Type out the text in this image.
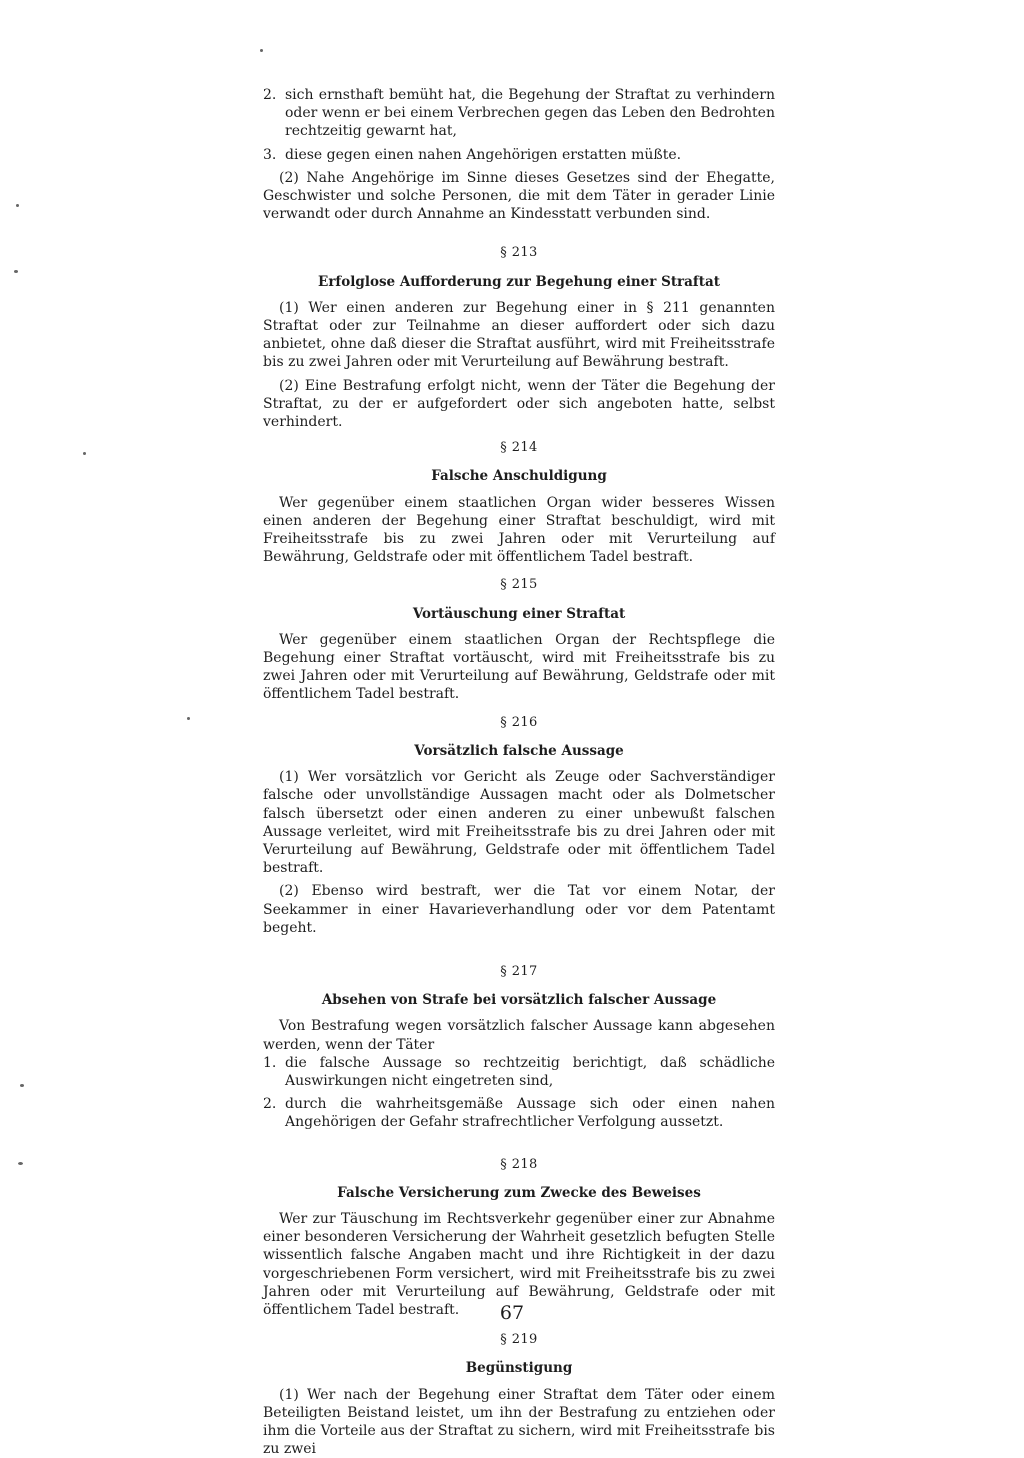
2. sich ernsthaft bemüht hat, die Begehung der Straftat zu verhindern oder wenn er bei einem Verbrechen gegen das Leben den Bedrohten rechtzeitig gewarnt hat,
3. diese gegen einen nahen Angehörigen erstatten müßte.

(2) Nahe Angehörige im Sinne dieses Gesetzes sind der Ehegatte, Geschwister und solche Personen, die mit dem Täter in gerader Linie verwandt oder durch Annahme an Kindesstatt verbunden sind.

§ 213
Erfolglose Aufforderung zur Begehung einer Straftat

(1) Wer einen anderen zur Begehung einer in § 211 genannten Straftat oder zur Teilnahme an dieser auffordert oder sich dazu anbietet, ohne daß dieser die Straftat ausführt, wird mit Freiheitsstrafe bis zu zwei Jahren oder mit Verurteilung auf Bewährung bestraft.

(2) Eine Bestrafung erfolgt nicht, wenn der Täter die Begehung der Straftat, zu der er aufgefordert oder sich angeboten hatte, selbst verhindert.

§ 214
Falsche Anschuldigung

Wer gegenüber einem staatlichen Organ wider besseres Wissen einen anderen der Begehung einer Straftat beschuldigt, wird mit Freiheitsstrafe bis zu zwei Jahren oder mit Verurteilung auf Bewährung, Geldstrafe oder mit öffentlichem Tadel bestraft.

§ 215
Vortäuschung einer Straftat

Wer gegenüber einem staatlichen Organ der Rechtspflege die Begehung einer Straftat vortäuscht, wird mit Freiheitsstrafe bis zu zwei Jahren oder mit Verurteilung auf Bewährung, Geldstrafe oder mit öffentlichem Tadel bestraft.

§ 216
Vorsätzlich falsche Aussage

(1) Wer vorsätzlich vor Gericht als Zeuge oder Sachverständiger falsche oder unvollständige Aussagen macht oder als Dolmetscher falsch übersetzt oder einen anderen zu einer unbewußt falschen Aussage verleitet, wird mit Freiheitsstrafe bis zu drei Jahren oder mit Verurteilung auf Bewährung, Geldstrafe oder mit öffentlichem Tadel bestraft.

(2) Ebenso wird bestraft, wer die Tat vor einem Notar, der Seekammer in einer Havarieverhandlung oder vor dem Patentamt begeht.

§ 217
Absehen von Strafe bei vorsätzlich falscher Aussage

Von Bestrafung wegen vorsätzlich falscher Aussage kann abgesehen werden, wenn der Täter

1. die falsche Aussage so rechtzeitig berichtigt, daß schädliche Auswirkungen nicht eingetreten sind,
2. durch die wahrheitsgemäße Aussage sich oder einen nahen Angehörigen der Gefahr strafrechtlicher Verfolgung aussetzt.
§ 218
Falsche Versicherung zum Zwecke des Beweises

Wer zur Täuschung im Rechtsverkehr gegenüber einer zur Abnahme einer besonderen Versicherung der Wahrheit gesetzlich befugten Stelle wissentlich falsche Angaben macht und ihre Richtigkeit in der dazu vorgeschriebenen Form versichert, wird mit Freiheitsstrafe bis zu zwei Jahren oder mit Verurteilung auf Bewährung, Geldstrafe oder mit öffentlichem Tadel bestraft.

§ 219
Begünstigung

(1) Wer nach der Begehung einer Straftat dem Täter oder einem Beteiligten Beistand leistet, um ihn der Bestrafung zu entziehen oder ihm die Vorteile aus der Straftat zu sichern, wird mit Freiheitsstrafe bis zu zwei

67
